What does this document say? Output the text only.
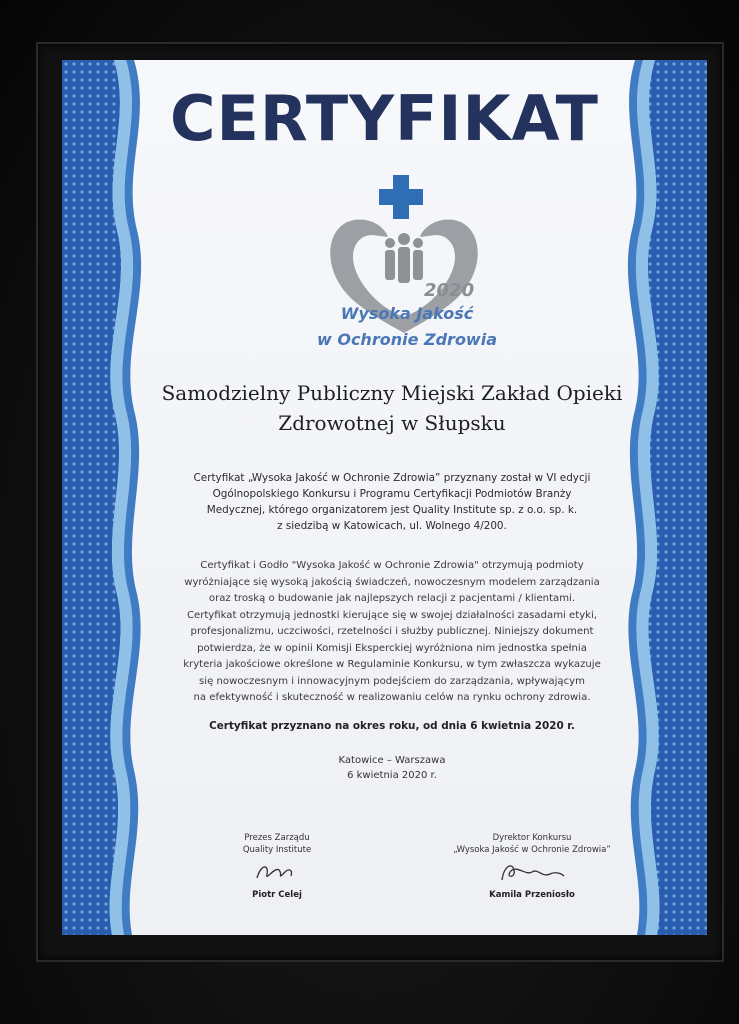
CERTYFIKAT
2020
Wysoka Jakość
w Ochronie Zdrowia
Samodzielny Publiczny Miejski Zakład Opieki
Zdrowotnej w Słupsku
Certyfikat „Wysoka Jakość w Ochronie Zdrowia” przyznany został w VI edycji
Ogólnopolskiego Konkursu i Programu Certyfikacji Podmiotów Branży
Medycznej, którego organizatorem jest Quality Institute sp. z o.o. sp. k.
z siedzibą w Katowicach, ul. Wolnego 4/200.
Certyfikat i Godło "Wysoka Jakość w Ochronie Zdrowia" otrzymują podmioty
wyróżniające się wysoką jakością świadczeń, nowoczesnym modelem zarządzania
oraz troską o budowanie jak najlepszych relacji z pacjentami / klientami.
Certyfikat otrzymują jednostki kierujące się w swojej działalności zasadami etyki,
profesjonalizmu, uczciwości, rzetelności i służby publicznej. Niniejszy dokument
potwierdza, że w opinii Komisji Eksperckiej wyróżniona nim jednostka spełnia
kryteria jakościowe określone w Regulaminie Konkursu, w tym zwłaszcza wykazuje
się nowoczesnym i innowacyjnym podejściem do zarządzania, wpływającym
na efektywność i skuteczność w realizowaniu celów na rynku ochrony zdrowia.
Certyfikat przyznano na okres roku, od dnia 6 kwietnia 2020 r.
Katowice – Warszawa
6 kwietnia 2020 r.
Prezes Zarządu
Quality Institute
Piotr Celej
Dyrektor Konkursu
„Wysoka Jakość w Ochronie Zdrowia”
Kamila Przeniosło
